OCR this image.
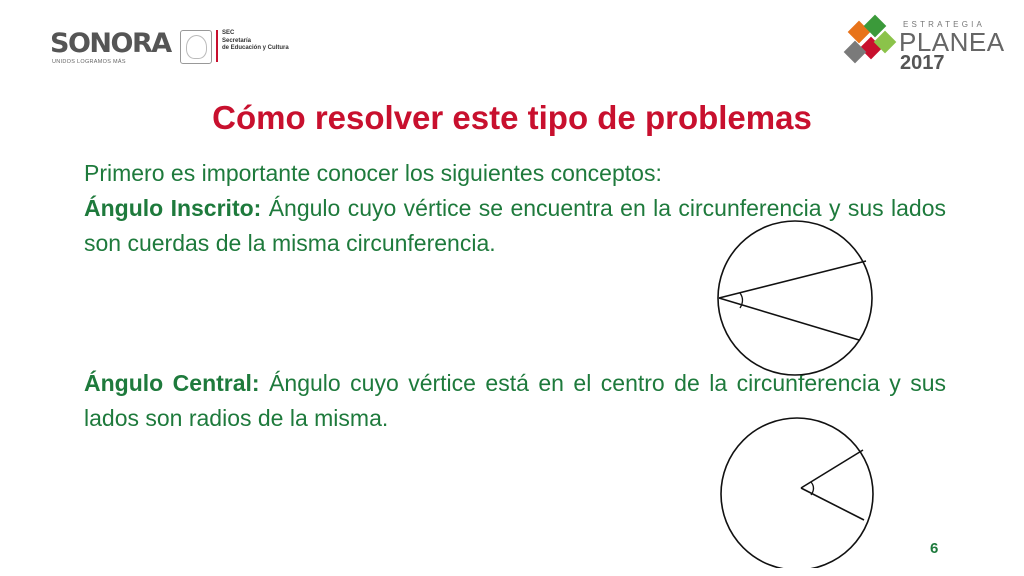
SONORA
UNIDOS LOGRAMOS MÁS
SEC
Secretaría
de Educación y Cultura
ESTRATEGIA
PLANEA
2017
Cómo resolver este tipo de problemas

Primero es importante conocer los siguientes conceptos:

Ángulo Inscrito: Ángulo cuyo vértice se encuentra en la circunferencia y sus lados son cuerdas de la misma circunferencia.

Ángulo Central: Ángulo cuyo vértice está en el centro de la circunferencia y sus lados son radios de la misma.

6
